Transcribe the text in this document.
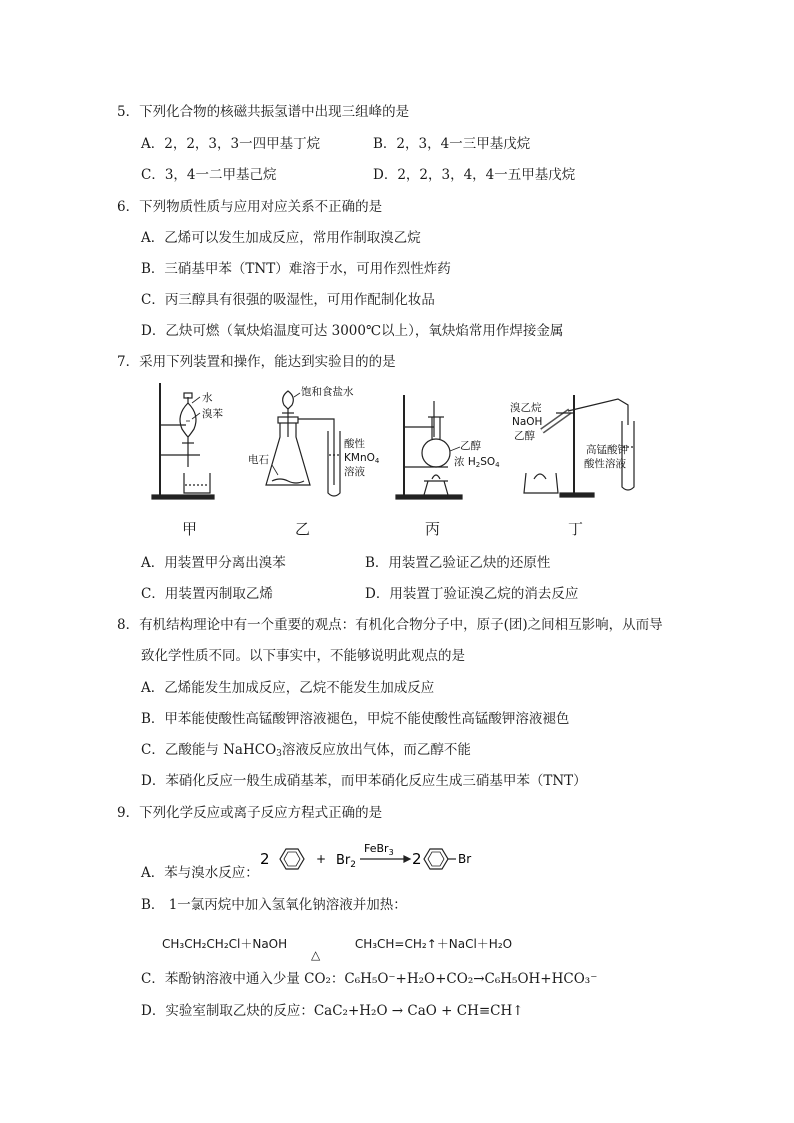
5．下列化合物的核磁共振氢谱中出现三组峰的是
A．2，2，3，3一四甲基丁烷	B．2，3，4一三甲基戊烷
C．3，4一二甲基己烷	D．2，2，3，4，4一五甲基戊烷
6．下列物质性质与应用对应关系不正确的是
A．乙烯可以发生加成反应，常用作制取溴乙烷
B．三硝基甲苯（TNT）难溶于水，可用作烈性炸药
C．丙三醇具有很强的吸湿性，可用作配制化妆品
D．乙炔可燃（氧炔焰温度可达 3000℃以上），氧炔焰常用作焊接金属
7．采用下列装置和操作，能达到实验目的的是
水
溴苯
饱和食盐水
电石
酸性
KMnO4
溶液
乙醇
浓 H2SO4
溴乙烷
NaOH
乙醇
高锰酸钾
酸性溶液
甲	乙	丙	丁
A．用装置甲分离出溴苯	B．用装置乙验证乙炔的还原性
C．用装置丙制取乙烯	D．用装置丁验证溴乙烷的消去反应
8．有机结构理论中有一个重要的观点：有机化合物分子中，原子(团)之间相互影响，从而导
致化学性质不同。以下事实中，不能够说明此观点的是
A．乙烯能发生加成反应，乙烷不能发生加成反应
B．甲苯能使酸性高锰酸钾溶液褪色，甲烷不能使酸性高锰酸钾溶液褪色
C．乙酸能与 NaHCO$_3$溶液反应放出气体，而乙醇不能
D．苯硝化反应一般生成硝基苯，而甲苯硝化反应生成三硝基甲苯（TNT）
9．下列化学反应或离子反应方程式正确的是
A．苯与溴水反应：
2	+ $Br_2$
FeBr$_3$ 2	Br
B． 1一氯丙烷中加入氢氧化钠溶液并加热：
CH₃CH₂CH₂Cl＋NaOH
△
CH₃CH=CH₂↑＋NaCl＋H₂O
C．苯酚钠溶液中通入少量 CO₂：C₆H₅O⁻+H₂O+CO₂→C₆H₅OH+HCO₃⁻
D．实验室制取乙炔的反应：CaC₂+H₂O → CaO + CH≡CH↑
